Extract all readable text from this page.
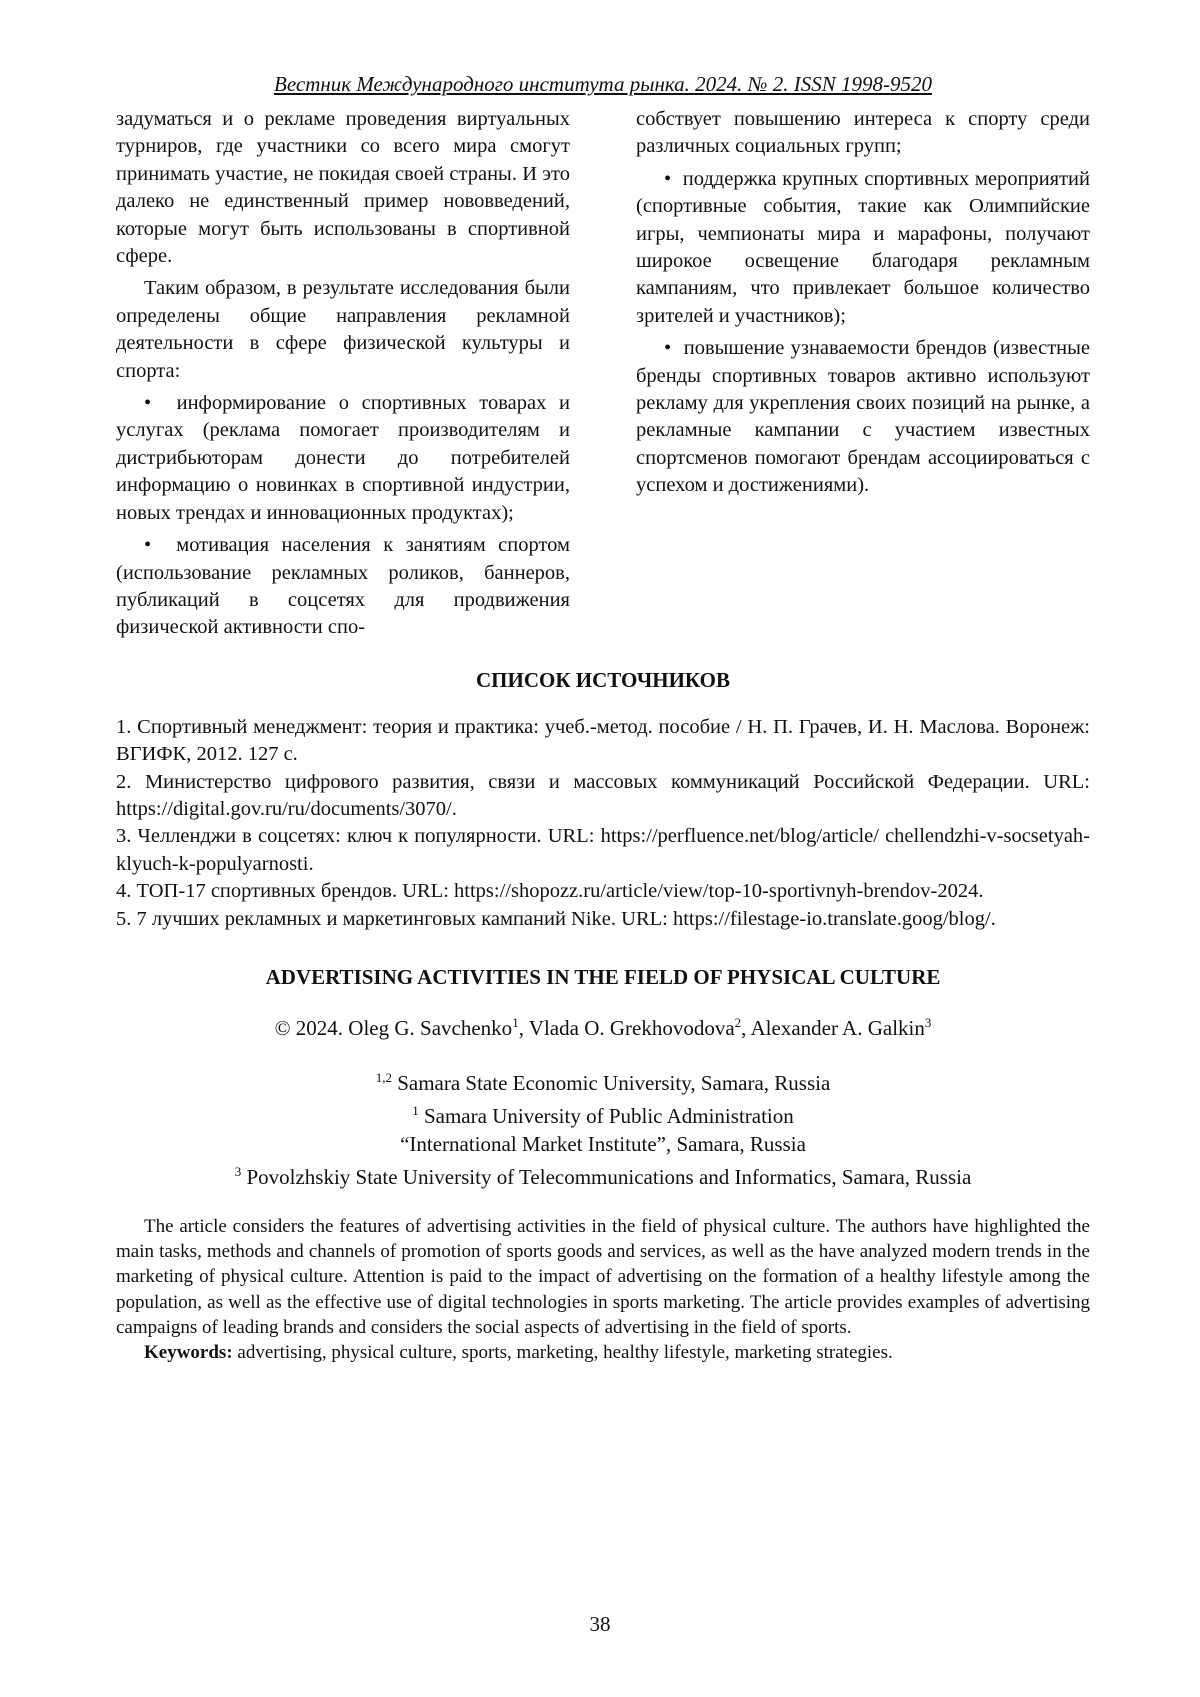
Вестник Международного института рынка. 2024. № 2. ISSN 1998-9520

задуматься и о рекламе проведения виртуальных турниров, где участники со всего мира смогут принимать участие, не покидая своей страны. И это далеко не единственный пример нововведений, которые могут быть использованы в спортивной сфере.

Таким образом, в результате исследования были определены общие направления рекламной деятельности в сфере физической культуры и спорта:

• информирование о спортивных товарах и услугах (реклама помогает производителям и дистрибьюторам донести до потребителей информацию о новинках в спортивной индустрии, новых трендах и инновационных продуктах);

• мотивация населения к занятиям спортом (использование рекламных роликов, баннеров, публикаций в соцсетях для продвижения физической активности спо-

собствует повышению интереса к спорту среди различных социальных групп;

• поддержка крупных спортивных мероприятий (спортивные события, такие как Олимпийские игры, чемпионаты мира и марафоны, получают широкое освещение благодаря рекламным кампаниям, что привлекает большое количество зрителей и участников);

• повышение узнаваемости брендов (известные бренды спортивных товаров активно используют рекламу для укрепления своих позиций на рынке, а рекламные кампании с участием известных спортсменов помогают брендам ассоциироваться с успехом и достижениями).

СПИСОК ИСТОЧНИКОВ

1. Спортивный менеджмент: теория и практика: учеб.-метод. пособие / Н. П. Грачев, И. Н. Маслова. Воронеж: ВГИФК, 2012. 127 с.

2. Министерство цифрового развития, связи и массовых коммуникаций Российской Федерации. URL: https://digital.gov.ru/ru/documents/3070/.

3. Челленджи в соцсетях: ключ к популярности. URL: https://perfluence.net/blog/article/ chellendzhi-v-socsetyah-klyuch-k-populyarnosti.

4. ТОП-17 спортивных брендов. URL: https://shopozz.ru/article/view/top-10-sportivnyh-brendov-2024.

5. 7 лучших рекламных и маркетинговых кампаний Nike. URL: https://filestage-io.translate.goog/blog/.

ADVERTISING ACTIVITIES IN THE FIELD OF PHYSICAL CULTURE
© 2024. Oleg G. Savchenko$^1$, Vlada O. Grekhovodova$^2$, Alexander A. Galkin$^3$
$^{1,2}$ Samara State Economic University, Samara, Russia
$^1$ Samara University of Public Administration
“International Market Institute”, Samara, Russia
$^3$ Povolzhskiy State University of Telecommunications and Informatics, Samara, Russia

The article considers the features of advertising activities in the field of physical culture. The authors have highlighted the main tasks, methods and channels of promotion of sports goods and services, as well as the have analyzed modern trends in the marketing of physical culture. Attention is paid to the impact of advertising on the formation of a healthy lifestyle among the population, as well as the effective use of digital technologies in sports marketing. The article provides examples of advertising campaigns of leading brands and considers the social aspects of advertising in the field of sports.

Keywords: advertising, physical culture, sports, marketing, healthy lifestyle, marketing strategies.

38
